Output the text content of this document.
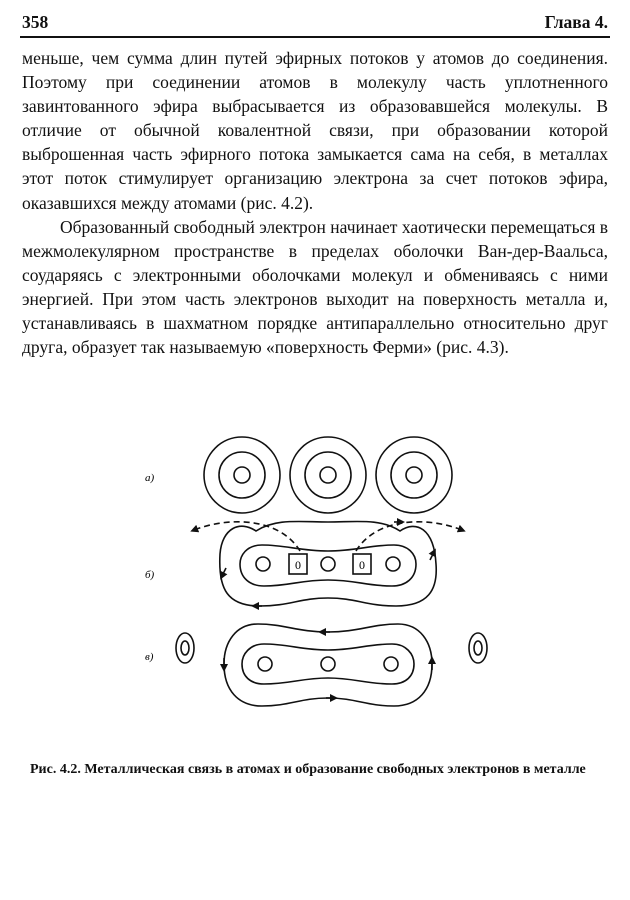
358	Глава 4.

меньше, чем сумма длин путей эфирных потоков у атомов до соединения. Поэтому при соединении атомов в молекулу часть уплотненного завинтованного эфира выбрасывается из образовавшейся молекулы. В отличие от обычной ковалентной связи, при образовании которой выброшенная часть эфирного потока замыкается сама на себя, в металлах этот поток стимулирует организацию электрона за счет потоков эфира, оказавшихся между атомами (рис. 4.2).

Образованный свободный электрон начинает хаотически перемещаться в межмолекулярном пространстве в пределах оболочки Ван-дер-Ваальса, соударяясь с электронными оболочками молекул и обмениваясь с ними энергией. При этом часть электронов выходит на поверхность металла и, устанавливаясь в шахматном порядке антипараллельно относительно друг друга, образует так называемую «поверхность Ферми» (рис. 4.3).

0	0
а)
б)
в)
Рис. 4.2. Металлическая связь в атомах и образование свободных электронов в металле
